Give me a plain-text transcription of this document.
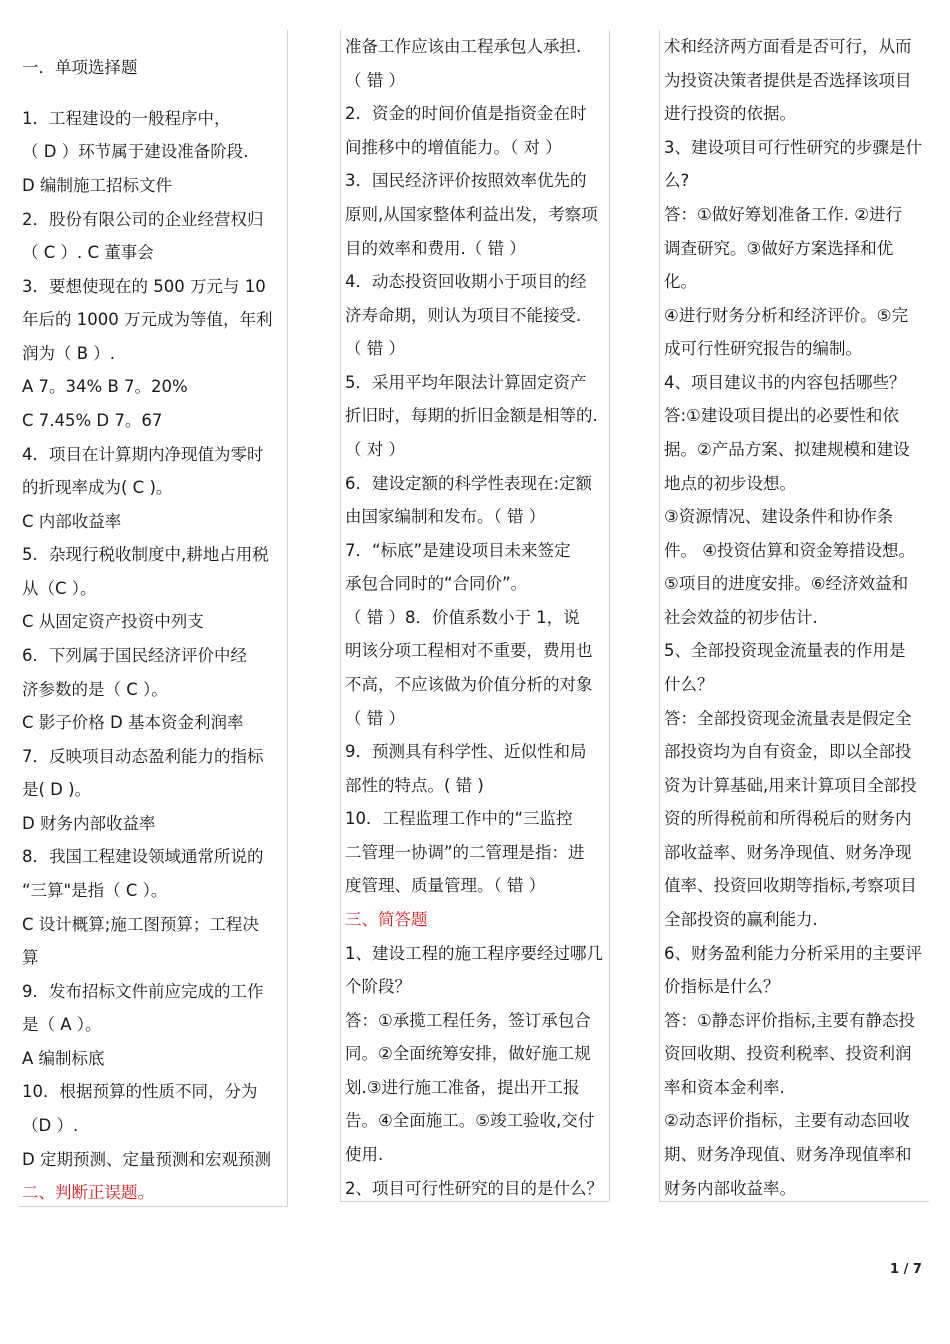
一．单项选择题
1．工程建设的一般程序中，
（ D ）环节属于建设准备阶段.
D 编制施工招标文件
2．股份有限公司的企业经营权归
（ C ）. C 董事会
3．要想使现在的 500 万元与 10
年后的 1000 万元成为等值，年利
润为（ B ）.
A 7。34% B 7。20%
C 7.45% D 7。67
4．项目在计算期内净现值为零时
的折现率成为( C )。
C 内部收益率
5．杂现行税收制度中,耕地占用税
从（C ）。
C 从固定资产投资中列支
6．下列属于国民经济评价中经
济参数的是（ C ）。
C 影子价格 D 基本资金利润率
7．反映项目动态盈利能力的指标
是( D )。
D 财务内部收益率
8．我国工程建设领域通常所说的
“三算"是指（ C ）。
C 设计概算;施工图预算；工程决
算
9．发布招标文件前应完成的工作
是（ A ）。
A 编制标底
10．根据预算的性质不同，分为
（D ）.
D 定期预测、定量预测和宏观预测
二、判断正误题。
准备工作应该由工程承包人承担.
（ 错 ）
2．资金的时间价值是指资金在时
间推移中的增值能力。（ 对 ）
3．国民经济评价按照效率优先的
原则,从国家整体利益出发，考察项
目的效率和费用.（ 错 ）
4．动态投资回收期小于项目的经
济寿命期，则认为项目不能接受.
（ 错 ）
5．采用平均年限法计算固定资产
折旧时，每期的折旧金额是相等的.
（ 对 ）
6．建设定额的科学性表现在:定额
由国家编制和发布。（ 错 ）
7．“标底”是建设项目未来签定
承包合同时的“合同价”。
（ 错 ）8．价值系数小于 1，说
明该分项工程相对不重要，费用也
不高，不应该做为价值分析的对象
（ 错 ）
9．预测具有科学性、近似性和局
部性的特点。( 错 )
10．工程监理工作中的“三监控
二管理一协调”的二管理是指：进
度管理、质量管理。（ 错 ）
三、简答题
1、建设工程的施工程序要经过哪几
个阶段？
答：①承揽工程任务，签订承包合
同。②全面统筹安排，做好施工规
划.③进行施工准备，提出开工报
告。④全面施工。⑤竣工验收,交付
使用.
2、项目可行性研究的目的是什么？
术和经济两方面看是否可行，从而
为投资决策者提供是否选择该项目
进行投资的依据。
3、建设项目可行性研究的步骤是什
么?
答：①做好筹划准备工作. ②进行
调查研究。③做好方案选择和优
化。
④进行财务分析和经济评价。⑤完
成可行性研究报告的编制。
4、项目建议书的内容包括哪些？
答:①建设项目提出的必要性和依
据。②产品方案、拟建规模和建设
地点的初步设想。
③资源情况、建设条件和协作条
件。 ④投资估算和资金筹措设想。
⑤项目的进度安排。⑥经济效益和
社会效益的初步估计.
5、全部投资现金流量表的作用是
什么？
答：全部投资现金流量表是假定全
部投资均为自有资金，即以全部投
资为计算基础,用来计算项目全部投
资的所得税前和所得税后的财务内
部收益率、财务净现值、财务净现
值率、投资回收期等指标,考察项目
全部投资的赢利能力.
6、财务盈利能力分析采用的主要评
价指标是什么？
答：①静态评价指标,主要有静态投
资回收期、投资利税率、投资利润
率和资本金利率.
②动态评价指标，主要有动态回收
期、财务净现值、财务净现值率和
财务内部收益率。
1 / 7
